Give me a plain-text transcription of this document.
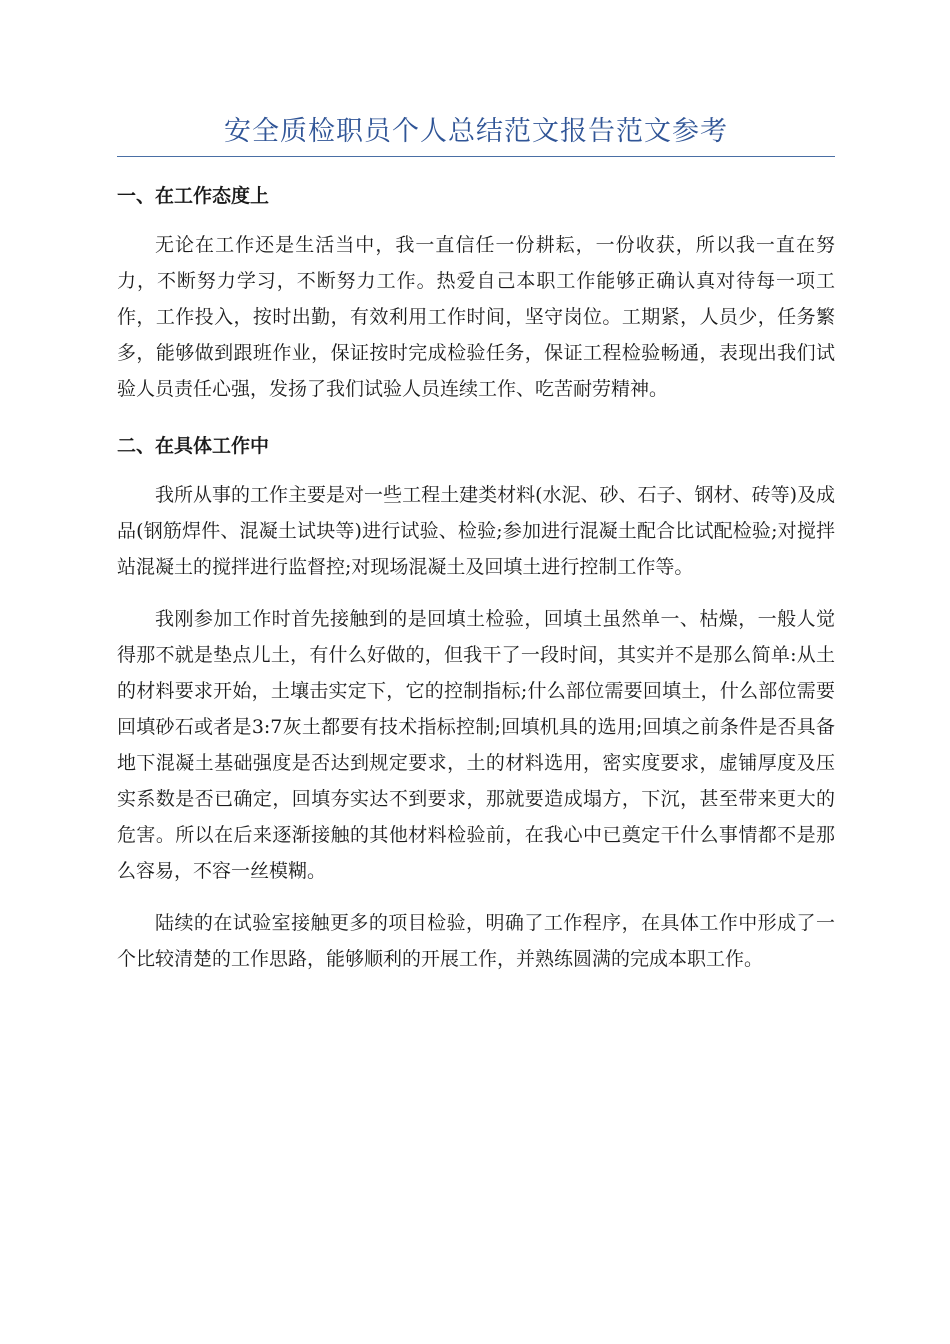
安全质检职员个人总结范文报告范文参考
一、在工作态度上

无论在工作还是生活当中，我一直信任一份耕耘，一份收获，所以我一直在努力，不断努力学习，不断努力工作。热爱自己本职工作能够正确认真对待每一项工作，工作投入，按时出勤，有效利用工作时间，坚守岗位。工期紧，人员少，任务繁多，能够做到跟班作业，保证按时完成检验任务，保证工程检验畅通，表现出我们试验人员责任心强，发扬了我们试验人员连续工作、吃苦耐劳精神。

二、在具体工作中

我所从事的工作主要是对一些工程土建类材料(水泥、砂、石子、钢材、砖等)及成品(钢筋焊件、混凝土试块等)进行试验、检验;参加进行混凝土配合比试配检验;对搅拌站混凝土的搅拌进行监督控;对现场混凝土及回填土进行控制工作等。

我刚参加工作时首先接触到的是回填土检验，回填土虽然单一、枯燥，一般人觉得那不就是垫点儿土，有什么好做的，但我干了一段时间，其实并不是那么简单:从土的材料要求开始，土壤击实定下，它的控制指标;什么部位需要回填土，什么部位需要回填砂石或者是3:7灰土都要有技术指标控制;回填机具的选用;回填之前条件是否具备地下混凝土基础强度是否达到规定要求，土的材料选用，密实度要求，虚铺厚度及压实系数是否已确定，回填夯实达不到要求，那就要造成塌方，下沉，甚至带来更大的危害。所以在后来逐渐接触的其他材料检验前，在我心中已奠定干什么事情都不是那么容易，不容一丝模糊。

陆续的在试验室接触更多的项目检验，明确了工作程序，在具体工作中形成了一个比较清楚的工作思路，能够顺利的开展工作，并熟练圆满的完成本职工作。
